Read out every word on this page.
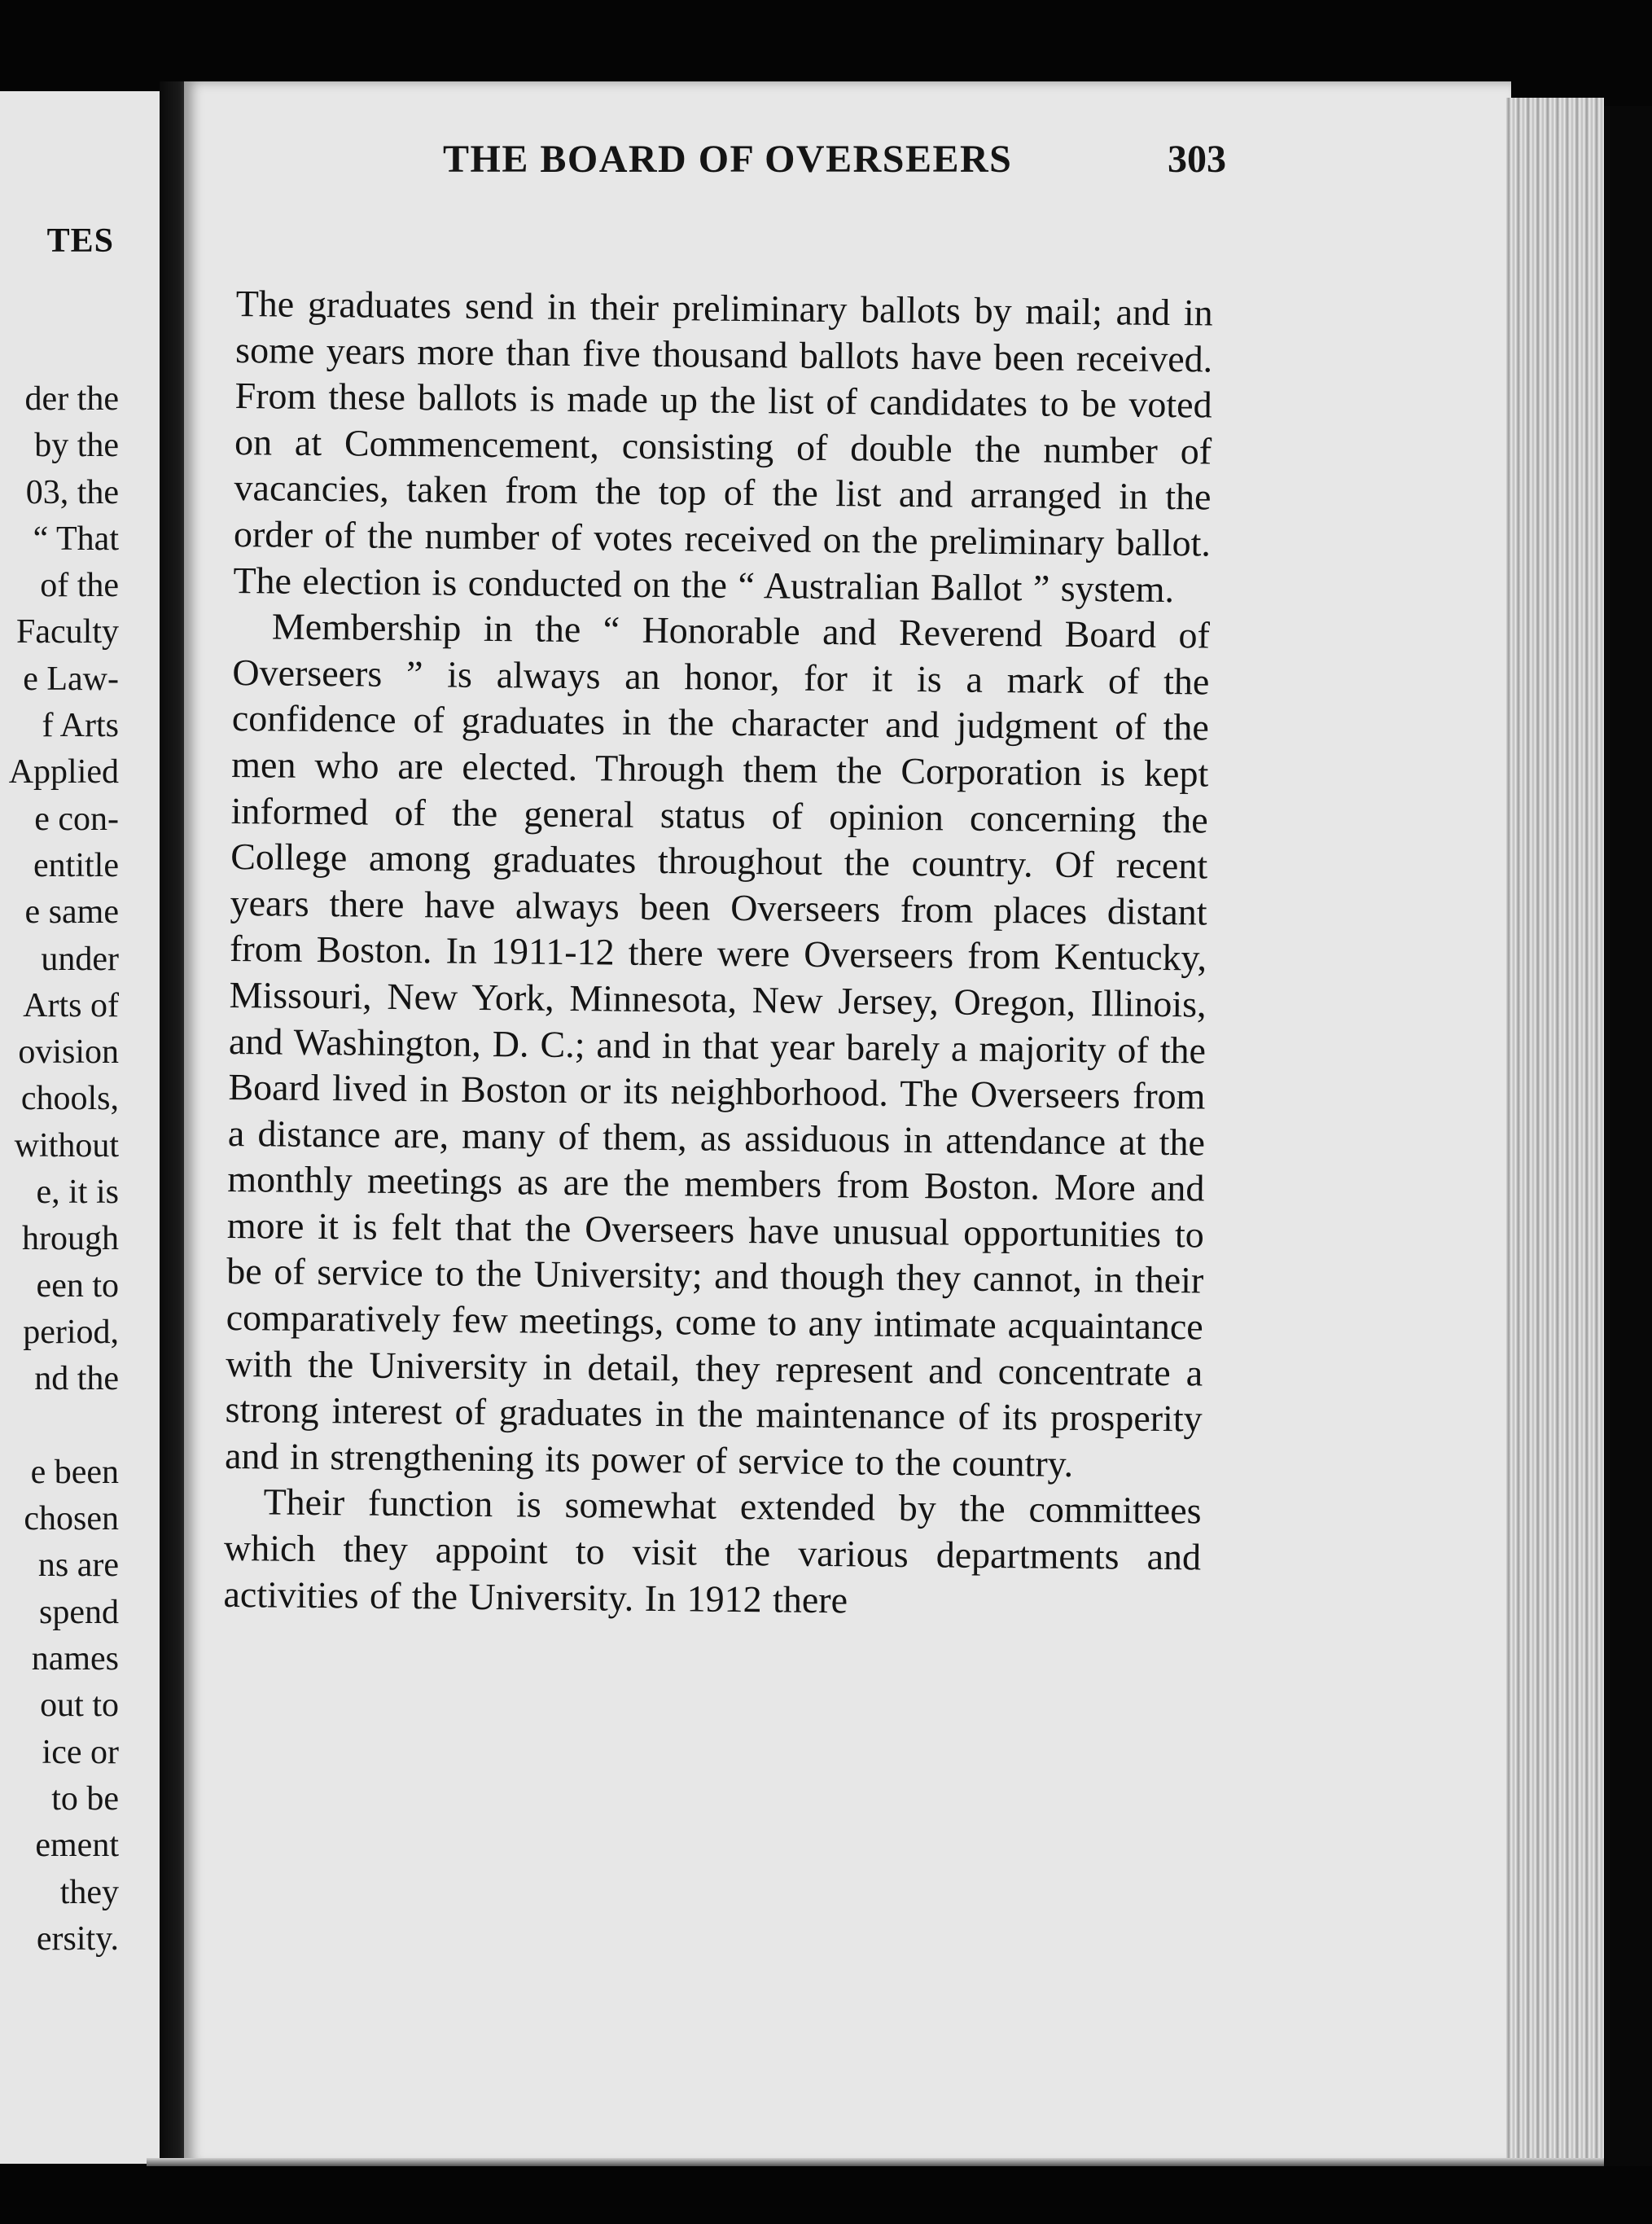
TES
der the
by the
03, the
“ That
of the
Faculty
e Law-
f Arts
Applied
e con-
entitle
e same
under
Arts of
ovision
chools,
without
e, it is
hrough
een to
period,
nd the

e been
chosen
ns are
spend
names
out to
ice or
to be
ement
they
ersity.
THE BOARD OF OVERSEERS	303

The graduates send in their preliminary ballots by mail; and in some years more than five thousand ballots have been received. From these ballots is made up the list of candidates to be voted on at Commencement, consisting of double the number of vacancies, taken from the top of the list and arranged in the order of the number of votes received on the preliminary ballot. The election is conducted on the “ Australian Ballot ” system.

Membership in the “ Honorable and Reverend Board of Overseers ” is always an honor, for it is a mark of the confidence of graduates in the character and judgment of the men who are elected. Through them the Corporation is kept informed of the general status of opinion concerning the College among graduates throughout the country. Of recent years there have always been Overseers from places distant from Boston. In 1911-12 there were Overseers from Kentucky, Missouri, New York, Minnesota, New Jersey, Oregon, Illinois, and Washington, D. C.; and in that year barely a majority of the Board lived in Boston or its neighborhood. The Overseers from a distance are, many of them, as assiduous in attendance at the monthly meetings as are the members from Boston. More and more it is felt that the Overseers have unusual opportunities to be of service to the University; and though they cannot, in their comparatively few meetings, come to any intimate acquaintance with the University in detail, they represent and concentrate a strong interest of graduates in the maintenance of its prosperity and in strengthening its power of service to the country.

Their function is somewhat extended by the committees which they appoint to visit the various departments and activities of the University. In 1912 there
